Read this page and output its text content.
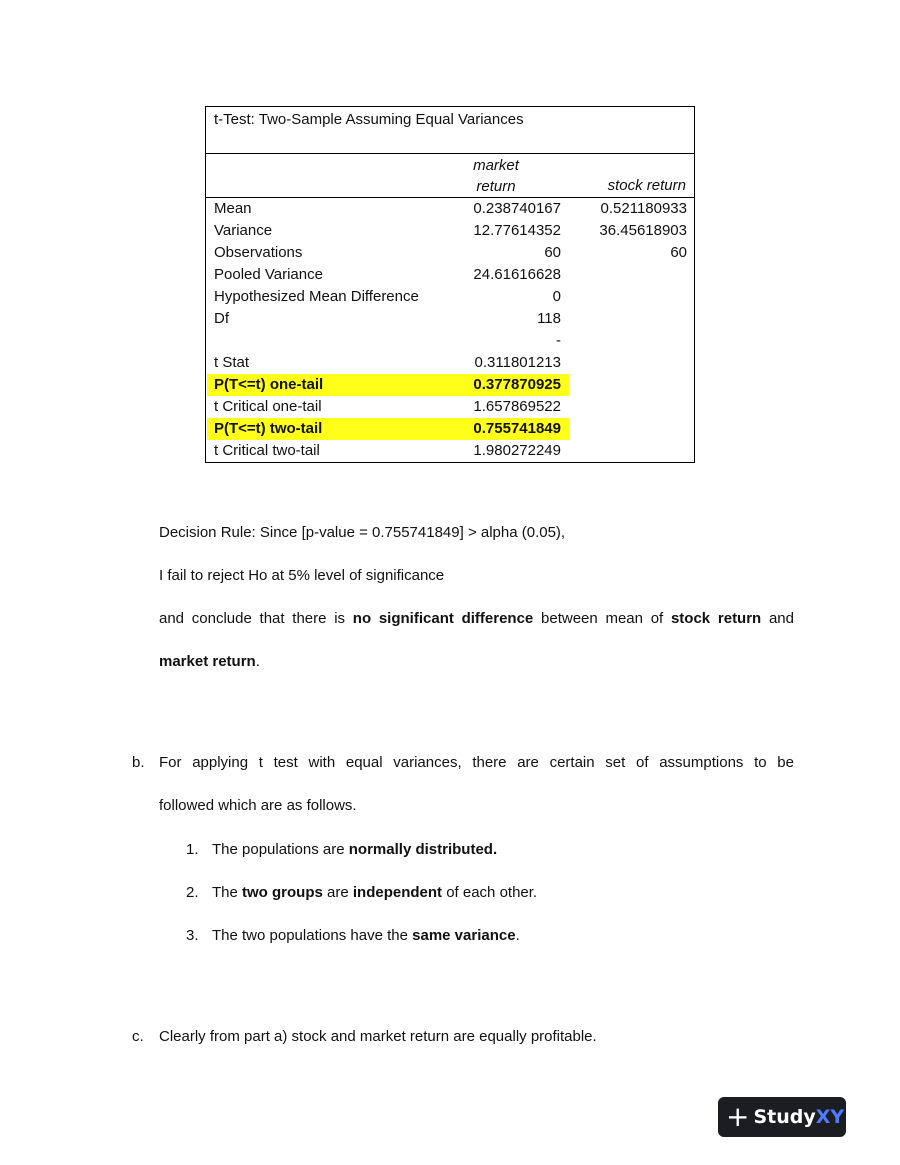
t-Test: Two-Sample Assuming Equal Variances
market
return	stock return
Mean	0.238740167	0.521180933
Variance	12.77614352	36.45618903
Observations	60	60
Pooled Variance	24.61616628
Hypothesized Mean Difference	0
Df	118
-
t Stat	0.311801213
P(T<=t) one-tail	0.377870925
t Critical one-tail	1.657869522
P(T<=t) two-tail	0.755741849
t Critical two-tail	1.980272249
Decision Rule: Since [p-value = 0.755741849] > alpha (0.05),
I fail to reject Ho at 5% level of significance
and conclude that there is no significant difference between mean of stock return and
market return.
b. For applying t test with equal variances, there are certain set of assumptions to be
followed which are as follows.
1. The populations are normally distributed.
2. The two groups are independent of each other.
3. The two populations have the same variance.
c. Clearly from part a) stock and market return are equally profitable.
+ Study XY
